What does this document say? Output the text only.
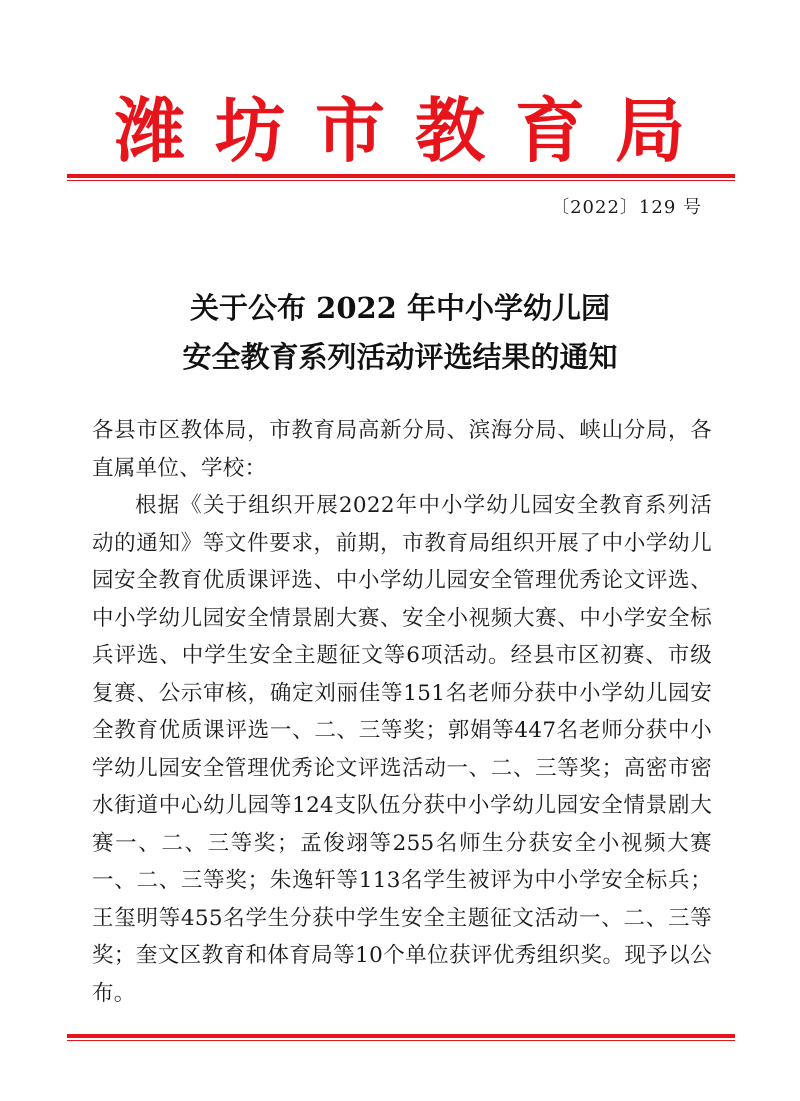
潍坊市教育局
〔2022〕129 号
关于公布 2022 年中小学幼儿园
安全教育系列活动评选结果的通知

各县市区教体局，市教育局高新分局、滨海分局、峡山分局，各直属单位、学校：

根据《关于组织开展2022年中小学幼儿园安全教育系列活动的通知》等文件要求，前期，市教育局组织开展了中小学幼儿园安全教育优质课评选、中小学幼儿园安全管理优秀论文评选、中小学幼儿园安全情景剧大赛、安全小视频大赛、中小学安全标兵评选、中学生安全主题征文等6项活动。经县市区初赛、市级复赛、公示审核，确定刘丽佳等151名老师分获中小学幼儿园安全教育优质课评选一、二、三等奖；郭娟等447名老师分获中小学幼儿园安全管理优秀论文评选活动一、二、三等奖；高密市密水街道中心幼儿园等124支队伍分获中小学幼儿园安全情景剧大赛一、二、三等奖；孟俊翊等255名师生分获安全小视频大赛一、二、三等奖；朱逸轩等113名学生被评为中小学安全标兵；王玺明等455名学生分获中学生安全主题征文活动一、二、三等奖；奎文区教育和体育局等10个单位获评优秀组织奖。现予以公布。
